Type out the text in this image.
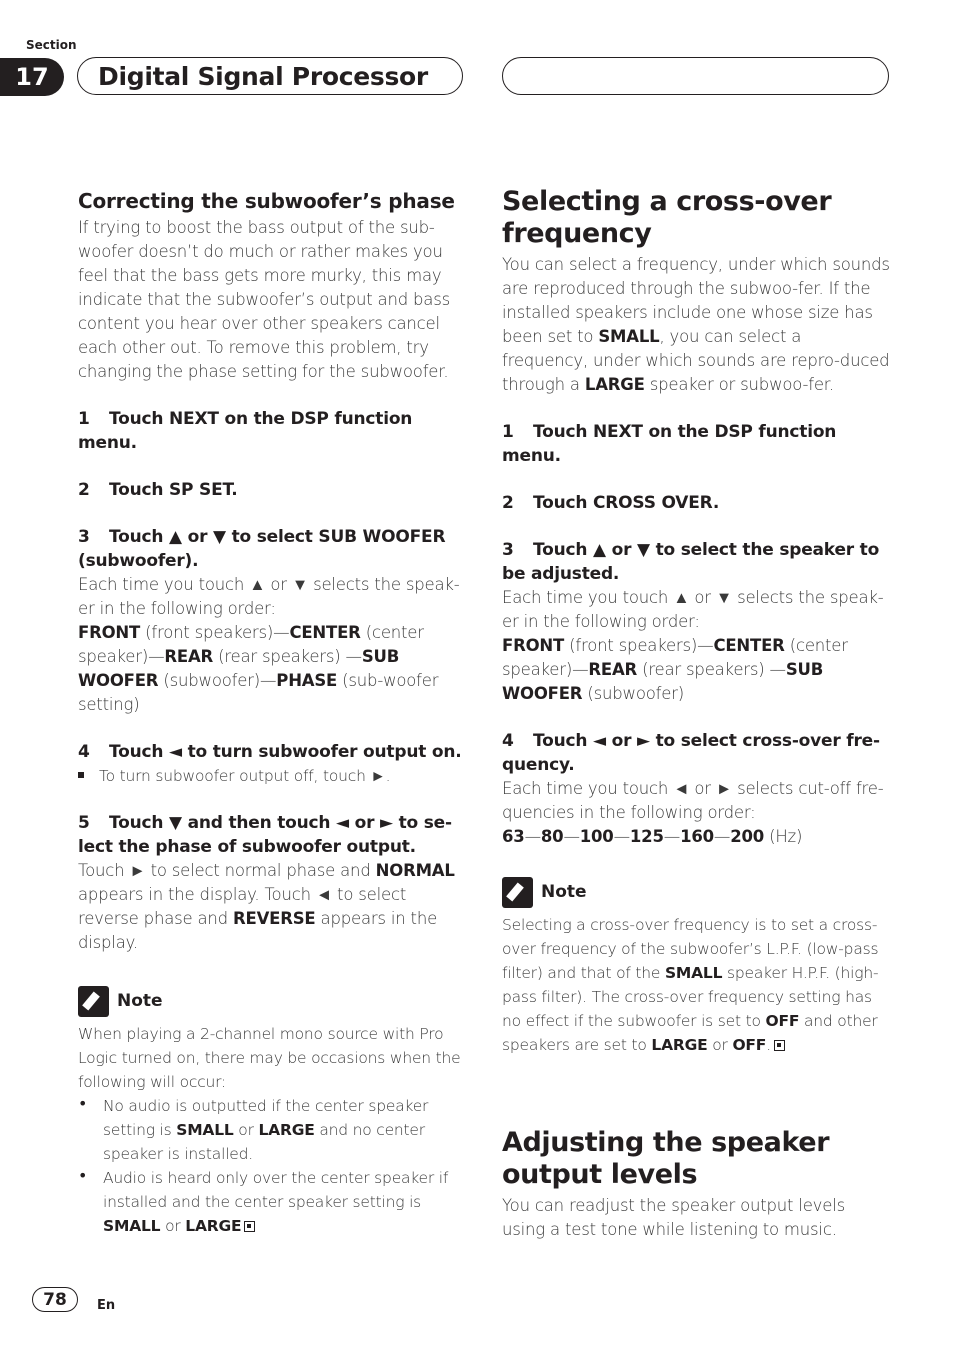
Section
17	Digital Signal Processor
Correcting the subwoofer’s phase

If trying to boost the bass output of the sub-woofer doesn’t do much or rather makes you feel that the bass gets more murky, this may indicate that the subwoofer’s output and bass content you hear over other speakers cancel each other out. To remove this problem, try changing the phase setting for the subwoofer.

1 Touch NEXT on the DSP function menu.

2 Touch SP SET.

3 Touch ▲ or ▼ to select SUB WOOFER (subwoofer).

Each time you touch ▲ or ▼ selects the speak-er in the following order:

FRONT (front speakers)—CENTER (center speaker)—REAR (rear speakers) —SUB WOOFER (subwoofer)—PHASE (sub-woofer setting)

4 Touch ◄ to turn subwoofer output on.

To turn subwoofer output off, touch ►.

5 Touch ▼ and then touch ◄ or ► to se-lect the phase of subwoofer output.

Touch ► to select normal phase and NORMAL appears in the display. Touch ◄ to select reverse phase and REVERSE appears in the display.

Note

When playing a 2-channel mono source with Pro Logic turned on, there may be occasions when the following will occur:

•	No audio is outputted if the center speaker setting is SMALL or LARGE and no center speaker is installed.

•	Audio is heard only over the center speaker if installed and the center speaker setting is SMALL or LARGE

Selecting a cross-over frequency

You can select a frequency, under which sounds are reproduced through the subwoo-fer. If the installed speakers include one whose size has been set to SMALL, you can select a frequency, under which sounds are repro-duced through a LARGE speaker or subwoo-fer.

1 Touch NEXT on the DSP function menu.

2 Touch CROSS OVER.

3 Touch ▲ or ▼ to select the speaker to be adjusted.

Each time you touch ▲ or ▼ selects the speak-er in the following order:

FRONT (front speakers)—CENTER (center speaker)—REAR (rear speakers) —SUB WOOFER (subwoofer)

4 Touch ◄ or ► to select cross-over fre-quency.

Each time you touch ◄ or ► selects cut-off fre-quencies in the following order:

63—80—100—125—160—200 (Hz)

Note

Selecting a cross-over frequency is to set a cross-over frequency of the subwoofer’s L.P.F. (low-pass filter) and that of the SMALL speaker H.P.F. (high-pass filter). The cross-over frequency setting has no effect if the subwoofer is set to OFF and other speakers are set to LARGE or OFF.

Adjusting the speaker output levels

You can readjust the speaker output levels using a test tone while listening to music.

78	En
